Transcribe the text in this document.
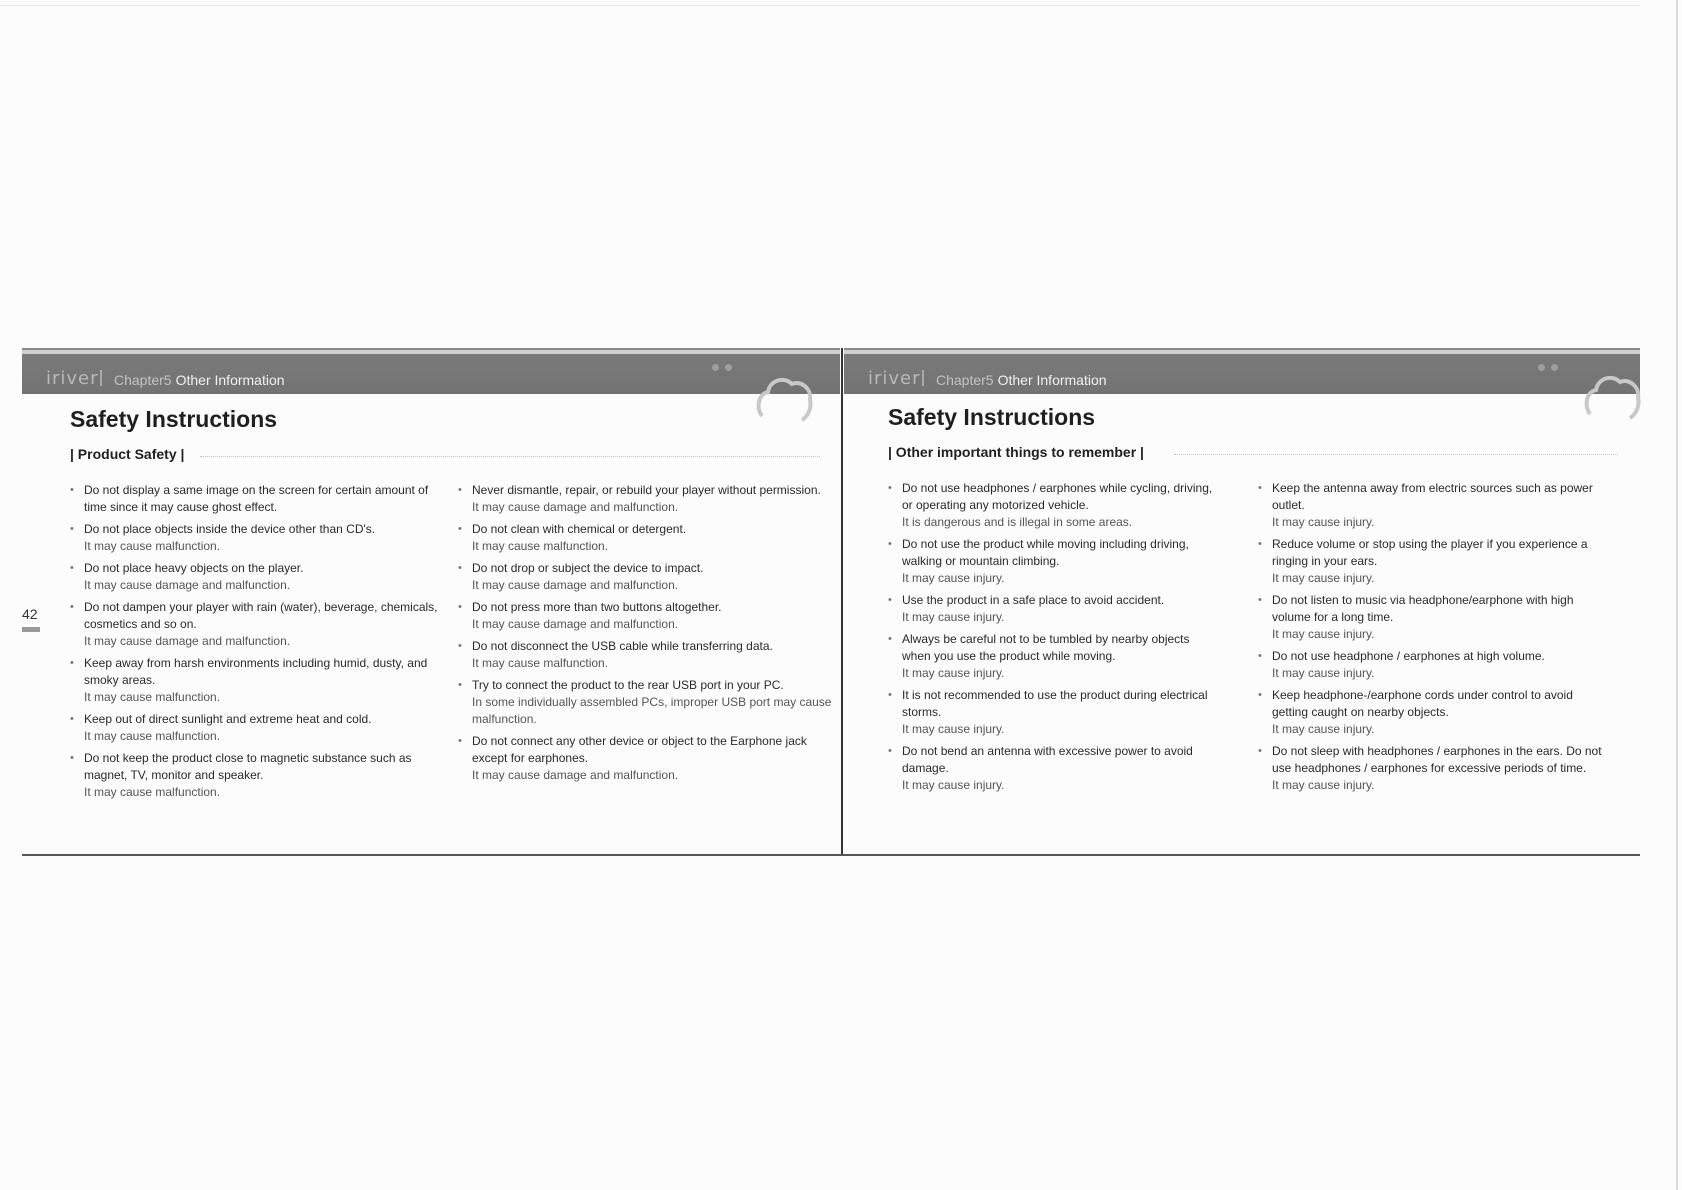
42
iriver Chapter5 Other Information
Safety Instructions
| Product Safety |
• Do not display a same image on the screen for certain amount of time since it may cause ghost effect.
• Do not place objects inside the device other than CD's.
It may cause malfunction.
• Do not place heavy objects on the player.
It may cause damage and malfunction.
• Do not dampen your player with rain (water), beverage, chemicals, cosmetics and so on.
It may cause damage and malfunction.
• Keep away from harsh environments including humid, dusty, and smoky areas.
It may cause malfunction.
• Keep out of direct sunlight and extreme heat and cold.
It may cause malfunction.
• Do not keep the product close to magnetic substance such as magnet, TV, monitor and speaker.
It may cause malfunction.
• Never dismantle, repair, or rebuild your player without permission.
It may cause damage and malfunction.
• Do not clean with chemical or detergent.
It may cause malfunction.
• Do not drop or subject the device to impact.
It may cause damage and malfunction.
• Do not press more than two buttons altogether.
It may cause damage and malfunction.
• Do not disconnect the USB cable while transferring data.
It may cause malfunction.
• Try to connect the product to the rear USB port in your PC.
In some individually assembled PCs, improper USB port may cause malfunction.
• Do not connect any other device or object to the Earphone jack except for earphones.
It may cause damage and malfunction.
iriver Chapter5 Other Information
Safety Instructions
| Other important things to remember |
• Do not use headphones / earphones while cycling, driving, or operating any motorized vehicle.
It is dangerous and is illegal in some areas.
• Do not use the product while moving including driving, walking or mountain climbing.
It may cause injury.
• Use the product in a safe place to avoid accident.
It may cause injury.
• Always be careful not to be tumbled by nearby objects when you use the product while moving.
It may cause injury.
• It is not recommended to use the product during electrical storms.
It may cause injury.
• Do not bend an antenna with excessive power to avoid damage.
It may cause injury.
• Keep the antenna away from electric sources such as power outlet.
It may cause injury.
• Reduce volume or stop using the player if you experience a ringing in your ears.
It may cause injury.
• Do not listen to music via headphone/earphone with high volume for a long time.
It may cause injury.
• Do not use headphone / earphones at high volume.
It may cause injury.
• Keep headphone-/earphone cords under control to avoid getting caught on nearby objects.
It may cause injury.
• Do not sleep with headphones / earphones in the ears. Do not use headphones / earphones for excessive periods of time.
It may cause injury.
